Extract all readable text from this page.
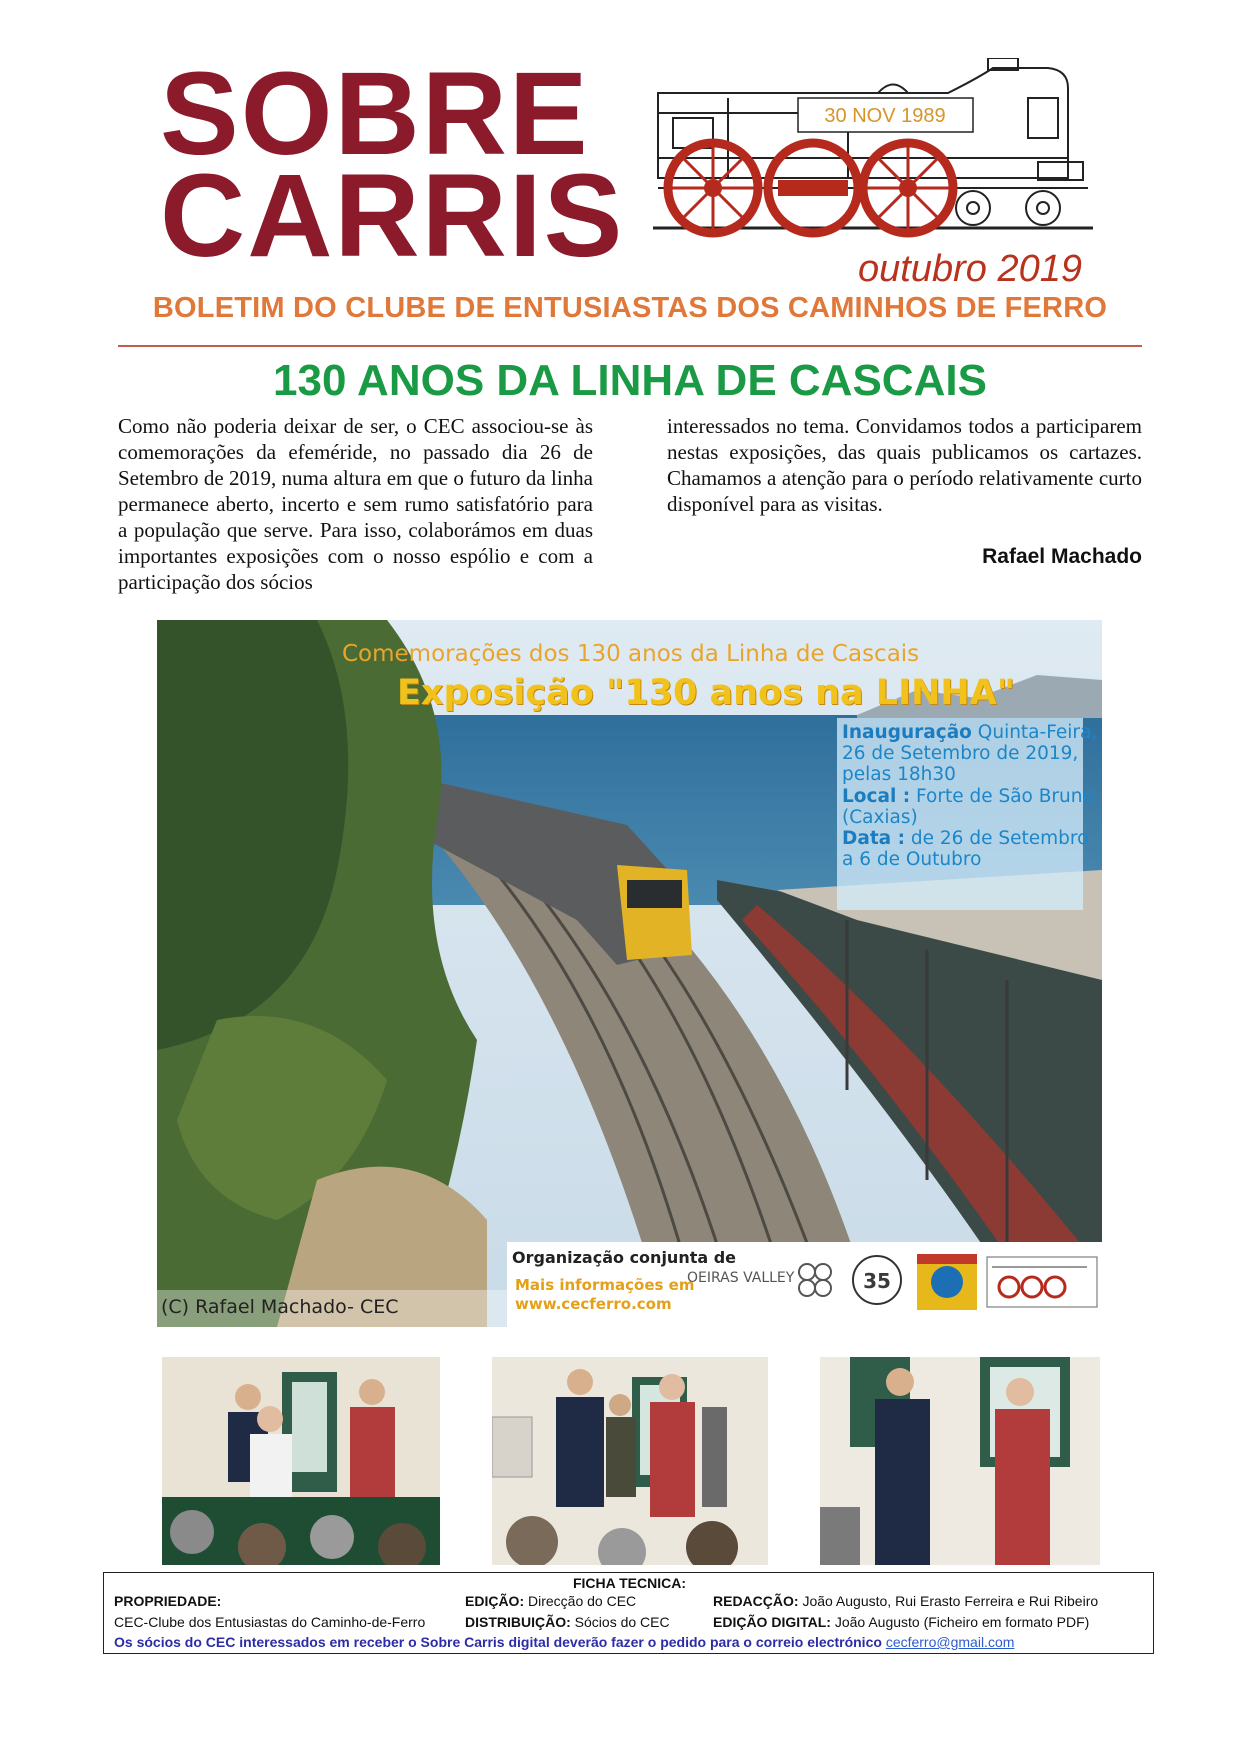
SOBRE
CARRIS
30 NOV 1989
outubro 2019
BOLETIM DO CLUBE DE ENTUSIASTAS DOS CAMINHOS DE FERRO
130 ANOS DA LINHA DE CASCAIS
Como não poderia deixar de ser, o CEC associou-se às comemorações da efeméride, no passado dia 26 de Setembro de 2019, numa altura em que o futuro da linha permanece aberto, incerto e sem rumo satisfatório para a população que serve. Para isso, colaborámos em duas importantes exposições com o nosso espólio e com a participação dos sócios
interessados no tema. Convidamos todos a participarem nestas exposições, das quais publicamos os cartazes. Chamamos a atenção para o período relativamente curto disponível para as visitas.
Rafael Machado
Comemorações dos 130 anos da Linha de Cascais
Exposição "130 anos na LINHA"
Inauguração Quinta-Feira,
26 de Setembro de 2019,
pelas 18h30
Local : Forte de São Bruno
(Caxias)
Data : de 26 de Setembro
a 6 de Outubro
Organização conjunta de
Mais informações em
www.cecferro.com
OEIRAS VALLEY	35
(C) Rafael Machado- CEC
FICHA TECNICA:
PROPRIEDADE:
CEC-Clube dos Entusiastas do Caminho-de-Ferro
EDIÇÃO: Direcção do CEC
DISTRIBUIÇÃO: Sócios do CEC
REDACÇÃO: João Augusto, Rui Erasto Ferreira e Rui Ribeiro
EDIÇÃO DIGITAL: João Augusto (Ficheiro em formato PDF)
Os sócios do CEC interessados em receber o Sobre Carris digital deverão fazer o pedido para o correio electrónico cecferro@gmail.com
